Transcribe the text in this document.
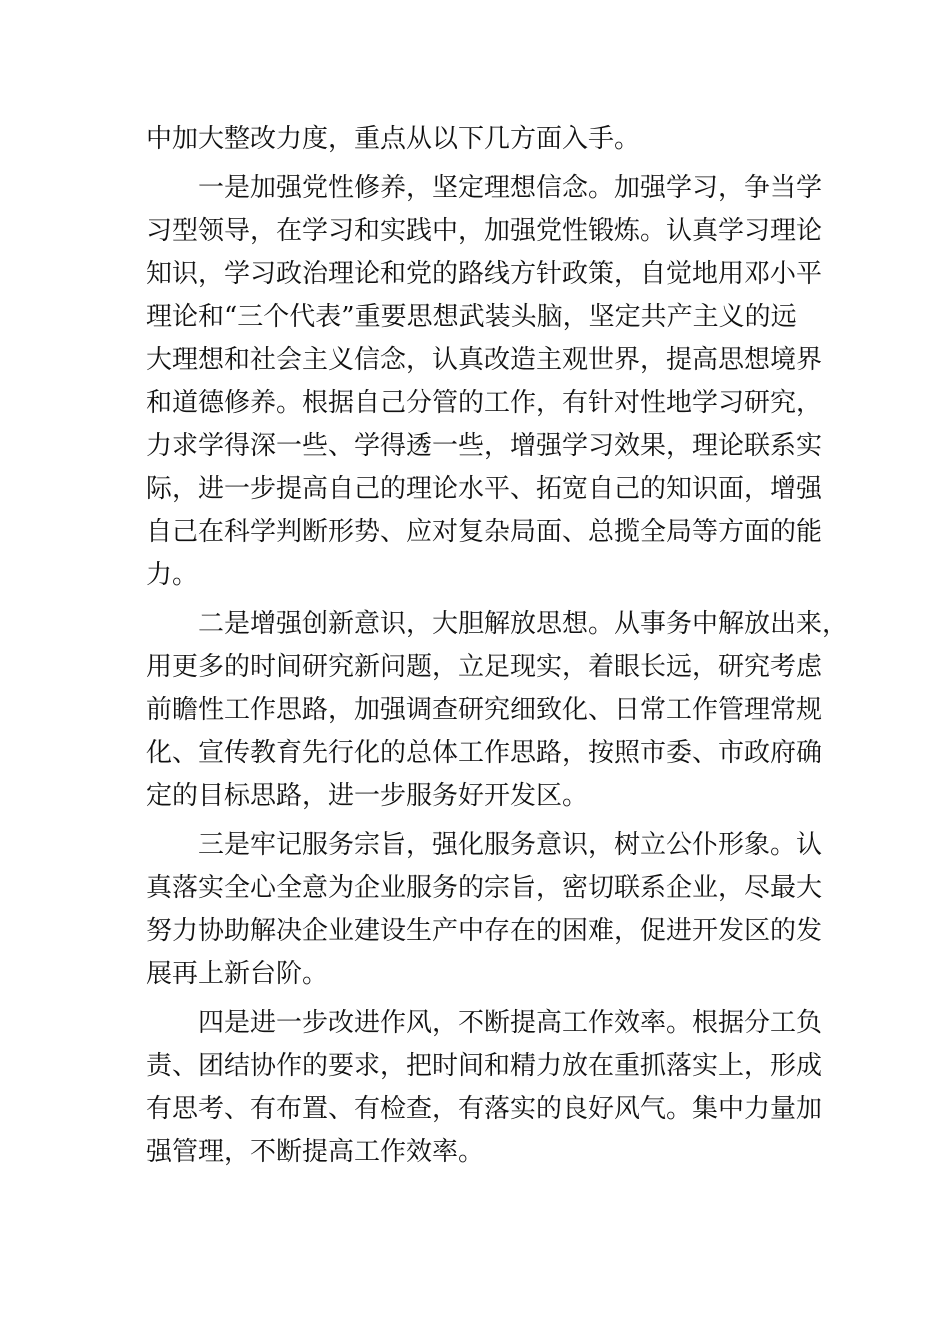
中加大整改力度，重点从以下几方面入手。
一是加强党性修养，坚定理想信念。加强学习，争当学
习型领导，在学习和实践中，加强党性锻炼。认真学习理论
知识，学习政治理论和党的路线方针政策，自觉地用邓小平
理论和“三个代表”重要思想武装头脑，坚定共产主义的远
大理想和社会主义信念，认真改造主观世界，提高思想境界
和道德修养。根据自己分管的工作，有针对性地学习研究，
力求学得深一些、学得透一些，增强学习效果，理论联系实
际，进一步提高自己的理论水平、拓宽自己的知识面，增强
自己在科学判断形势、应对复杂局面、总揽全局等方面的能
力。
二是增强创新意识，大胆解放思想。从事务中解放出来，
用更多的时间研究新问题，立足现实，着眼长远，研究考虑
前瞻性工作思路，加强调查研究细致化、日常工作管理常规
化、宣传教育先行化的总体工作思路，按照市委、市政府确
定的目标思路，进一步服务好开发区。
三是牢记服务宗旨，强化服务意识，树立公仆形象。认
真落实全心全意为企业服务的宗旨，密切联系企业，尽最大
努力协助解决企业建设生产中存在的困难，促进开发区的发
展再上新台阶。
四是进一步改进作风，不断提高工作效率。根据分工负
责、团结协作的要求，把时间和精力放在重抓落实上，形成
有思考、有布置、有检查，有落实的良好风气。集中力量加
强管理，不断提高工作效率。
